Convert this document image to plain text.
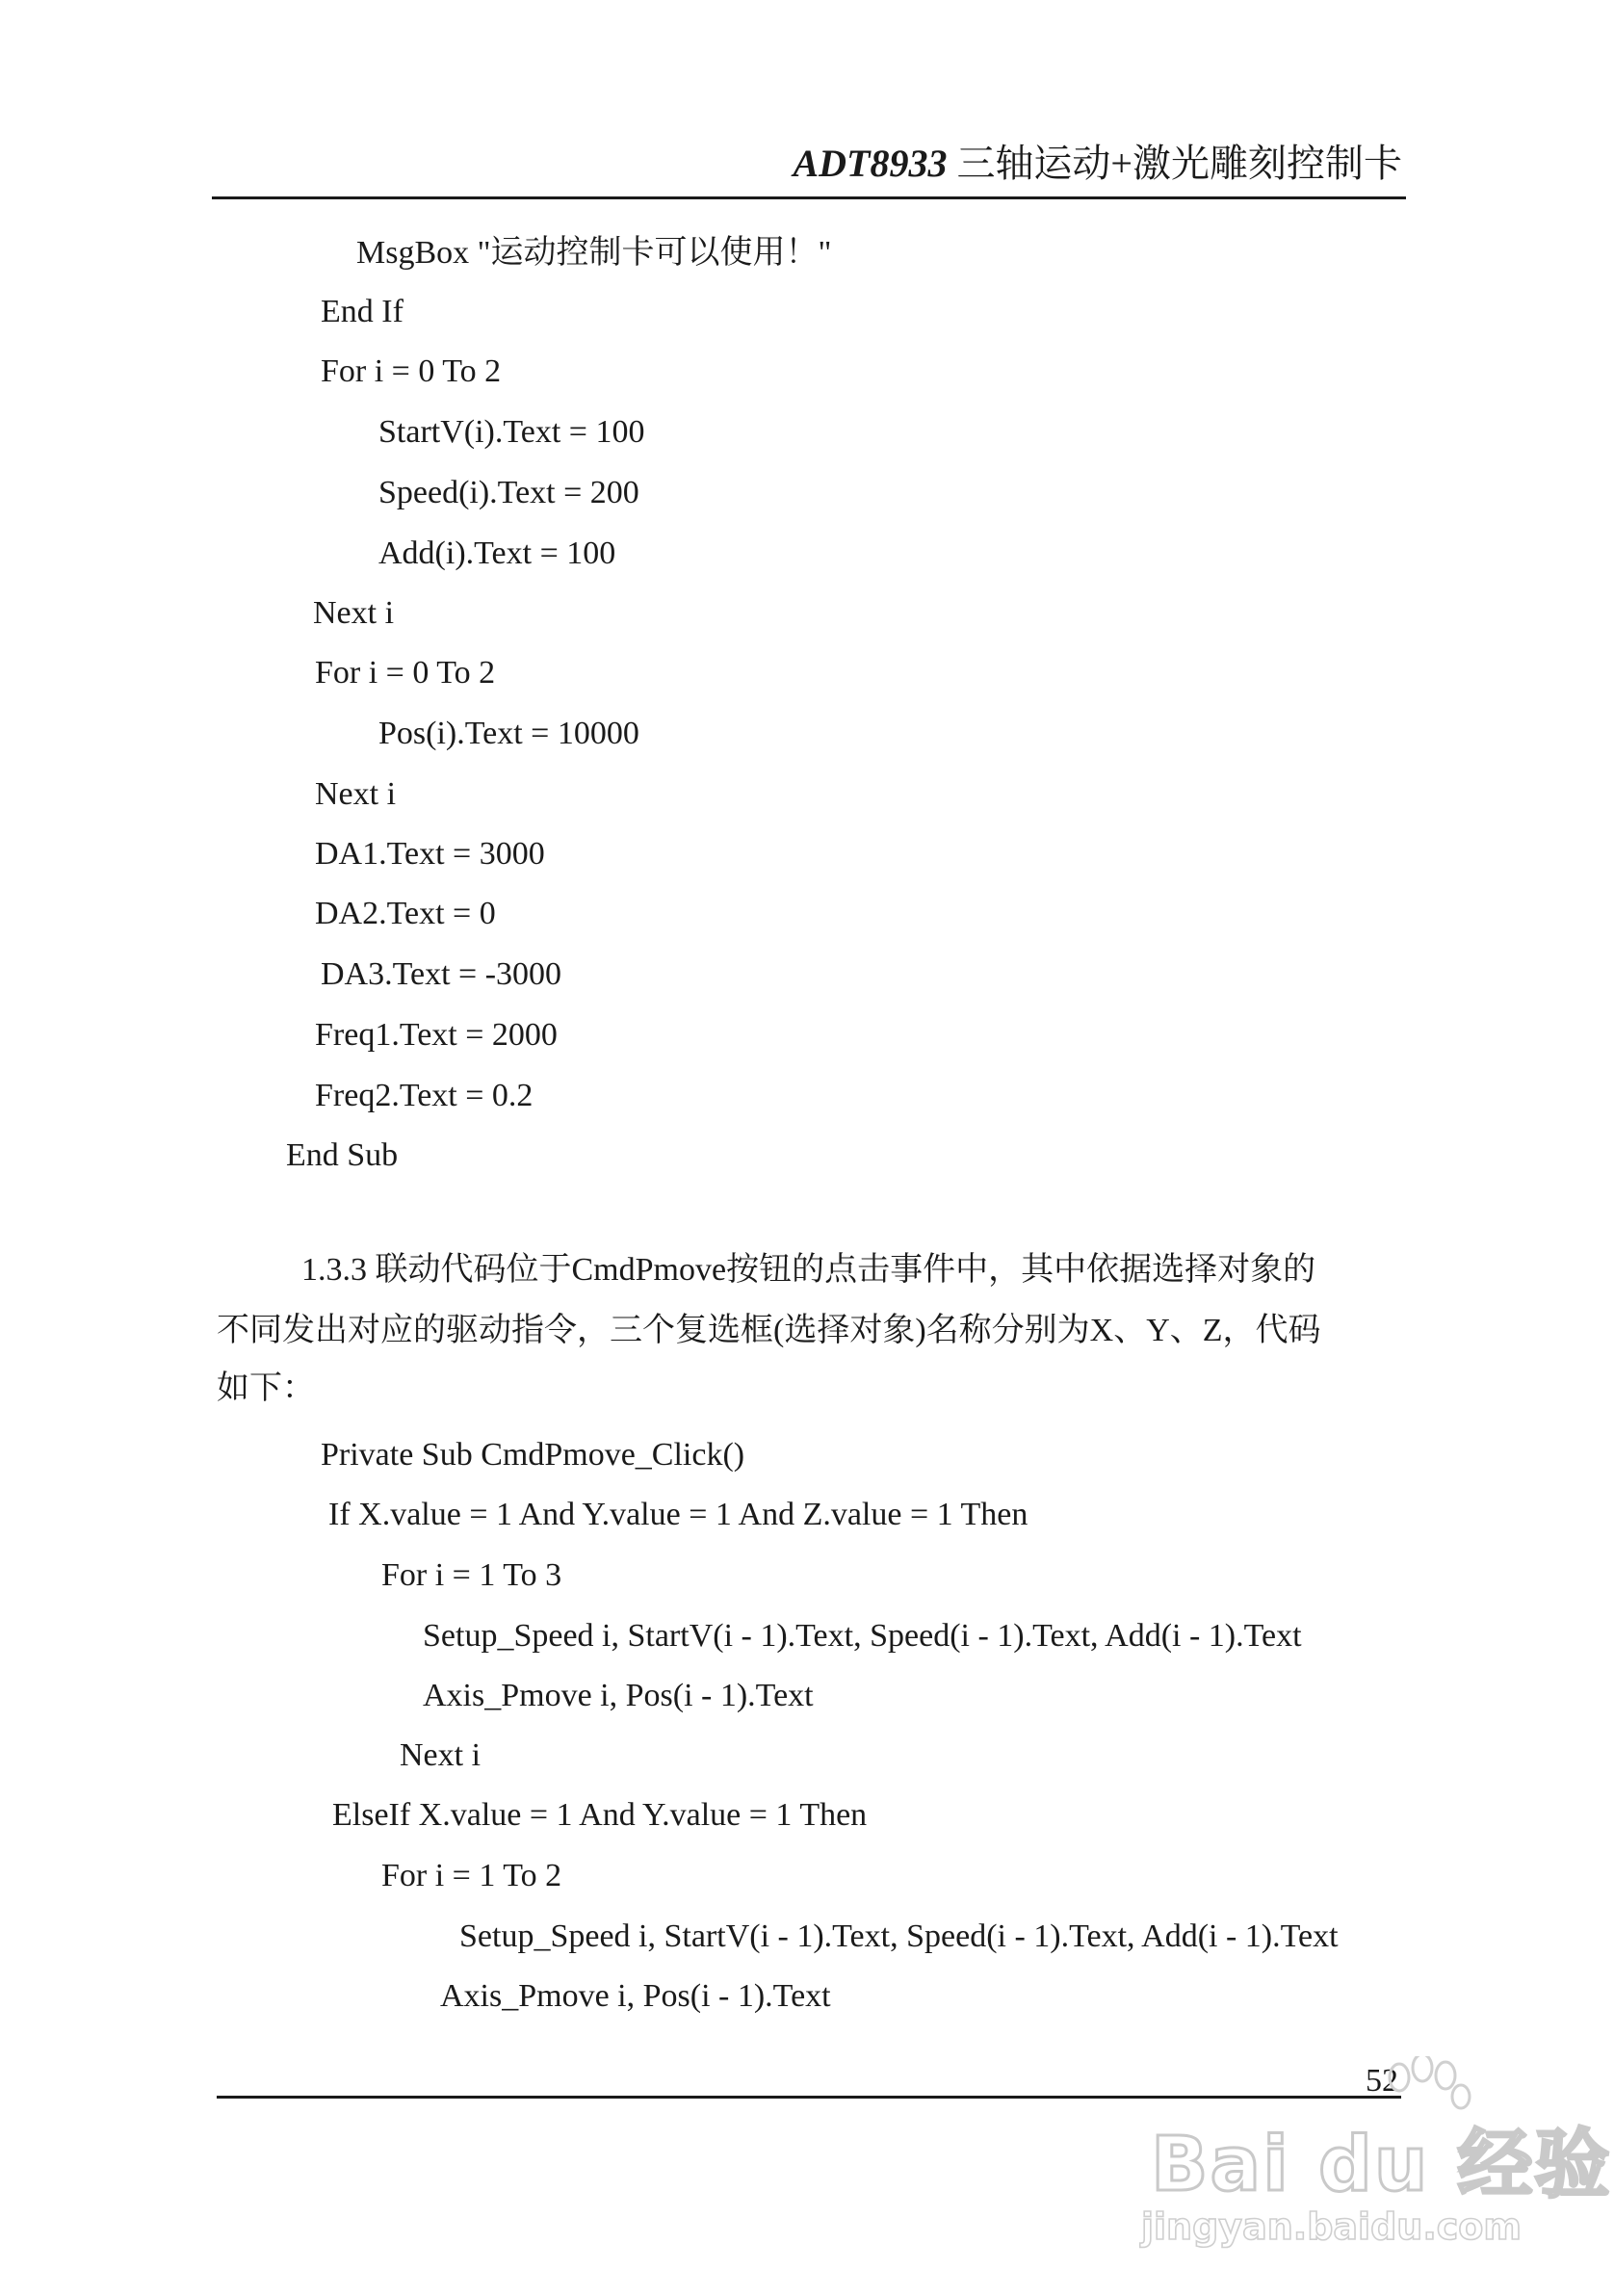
ADT8933 三轴运动+激光雕刻控制卡
MsgBox "运动控制卡可以使用！"
End If
For i = 0 To 2
StartV(i).Text = 100
Speed(i).Text = 200
Add(i).Text = 100
Next i
For i = 0 To 2
Pos(i).Text = 10000
Next i
DA1.Text = 3000
DA2.Text = 0
DA3.Text = -3000
Freq1.Text = 2000
Freq2.Text = 0.2
End Sub
1.3.3 联动代码位于CmdPmove按钮的点击事件中，其中依据选择对象的
不同发出对应的驱动指令，三个复选框(选择对象)名称分别为X、Y、Z，代码
如下：
Private Sub CmdPmove_Click()
If X.value = 1 And Y.value = 1 And Z.value = 1 Then
For i = 1 To 3
Setup_Speed i, StartV(i - 1).Text, Speed(i - 1).Text, Add(i - 1).Text
Axis_Pmove i, Pos(i - 1).Text
Next i
ElseIf X.value = 1 And Y.value = 1 Then
For i = 1 To 2
Setup_Speed i, StartV(i - 1).Text, Speed(i - 1).Text, Add(i - 1).Text
Axis_Pmove i, Pos(i - 1).Text
52
Bai du 经验
jingyan.baidu.com
